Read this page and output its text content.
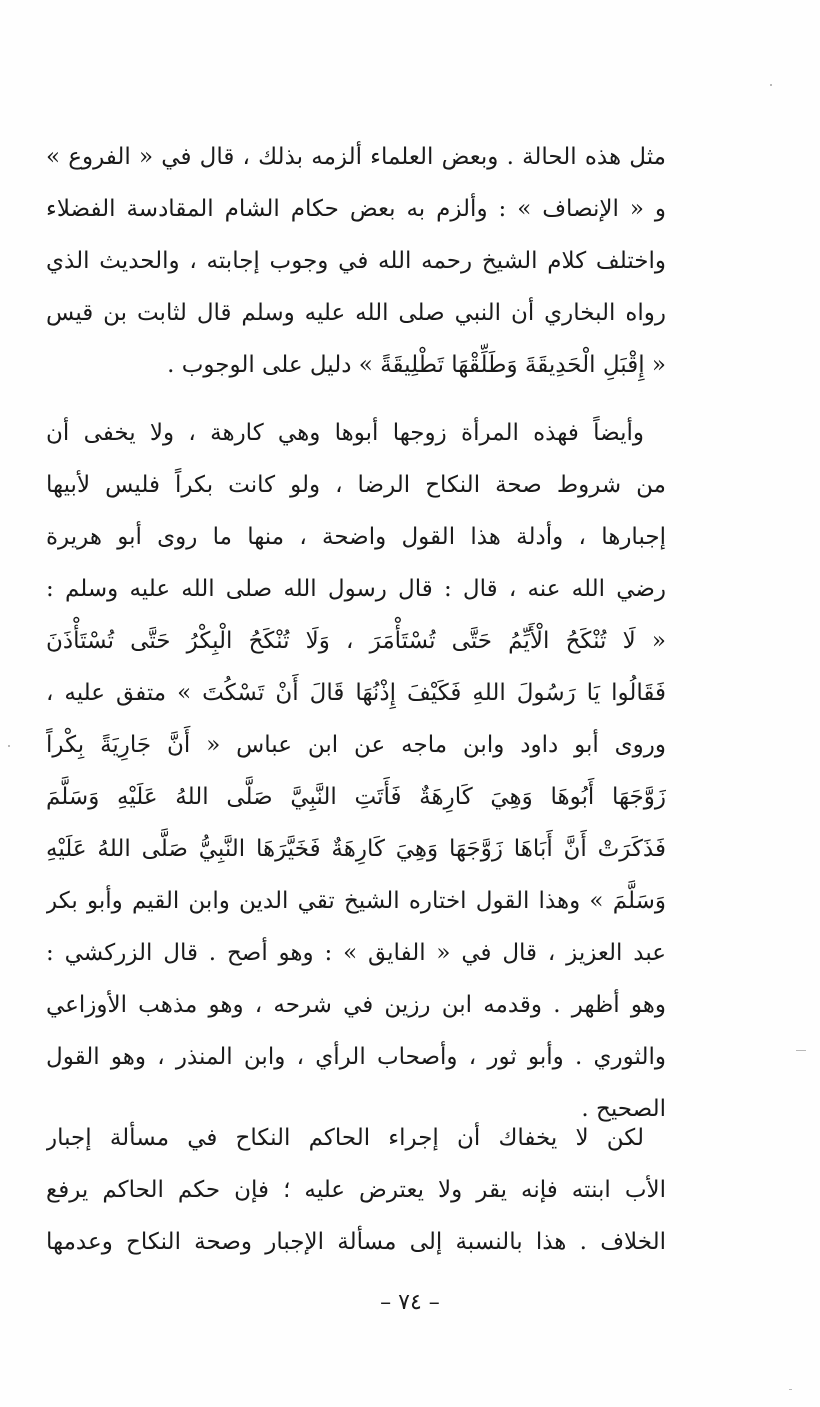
مثل هذه الحالة . وبعض العلماء ألزمه بذلك ، قال في « الفروع »
و « الإنصاف » : وألزم به بعض حكام الشام المقادسة الفضلاء
واختلف كلام الشيخ رحمه الله في وجوب إجابته ، والحديث الذي
رواه البخاري أن النبي صلى الله عليه وسلم قال لثابت بن قيس
« إِقْبَلِ الْحَدِيقَةَ وَطَلِّقْهَا تَطْلِيقَةً » دليل على الوجوب .
وأيضاً فهذه المرأة زوجها أبوها وهي كارهة ، ولا يخفى أن
من شروط صحة النكاح الرضا ، ولو كانت بكراً فليس لأبيها
إجبارها ، وأدلة هذا القول واضحة ، منها ما روى أبو هريرة
رضي الله عنه ، قال : قال رسول الله صلى الله عليه وسلم :
« لَا تُنْكَحُ الْأَيِّمُ حَتَّى تُسْتَأْمَرَ ، وَلَا تُنْكَحُ الْبِكْرُ حَتَّى تُسْتَأْذَنَ
فَقَالُوا يَا رَسُولَ اللهِ فَكَيْفَ إِذْنُهَا قَالَ أَنْ تَسْكُتَ » متفق عليه ،
وروى أبو داود وابن ماجه عن ابن عباس « أَنَّ جَارِيَةً بِكْراً
زَوَّجَهَا أَبُوهَا وَهِيَ كَارِهَةٌ فَأَتَتِ النَّبِيَّ صَلَّى اللهُ عَلَيْهِ وَسَلَّمَ
فَذَكَرَتْ أَنَّ أَبَاهَا زَوَّجَهَا وَهِيَ كَارِهَةٌ فَخَيَّرَهَا النَّبِيُّ صَلَّى اللهُ عَلَيْهِ
وَسَلَّمَ » وهذا القول اختاره الشيخ تقي الدين وابن القيم وأبو بكر
عبد العزيز ، قال في « الفايق » : وهو أصح . قال الزركشي :
وهو أظهر . وقدمه ابن رزين في شرحه ، وهو مذهب الأوزاعي
والثوري . وأبو ثور ، وأصحاب الرأي ، وابن المنذر ، وهو القول
الصحيح .
لكن لا يخفاك أن إجراء الحاكم النكاح في مسألة إجبار
الأب ابنته فإنه يقر ولا يعترض عليه ؛ فإن حكم الحاكم يرفع
الخلاف . هذا بالنسبة إلى مسألة الإجبار وصحة النكاح وعدمها
– ٧٤ –
